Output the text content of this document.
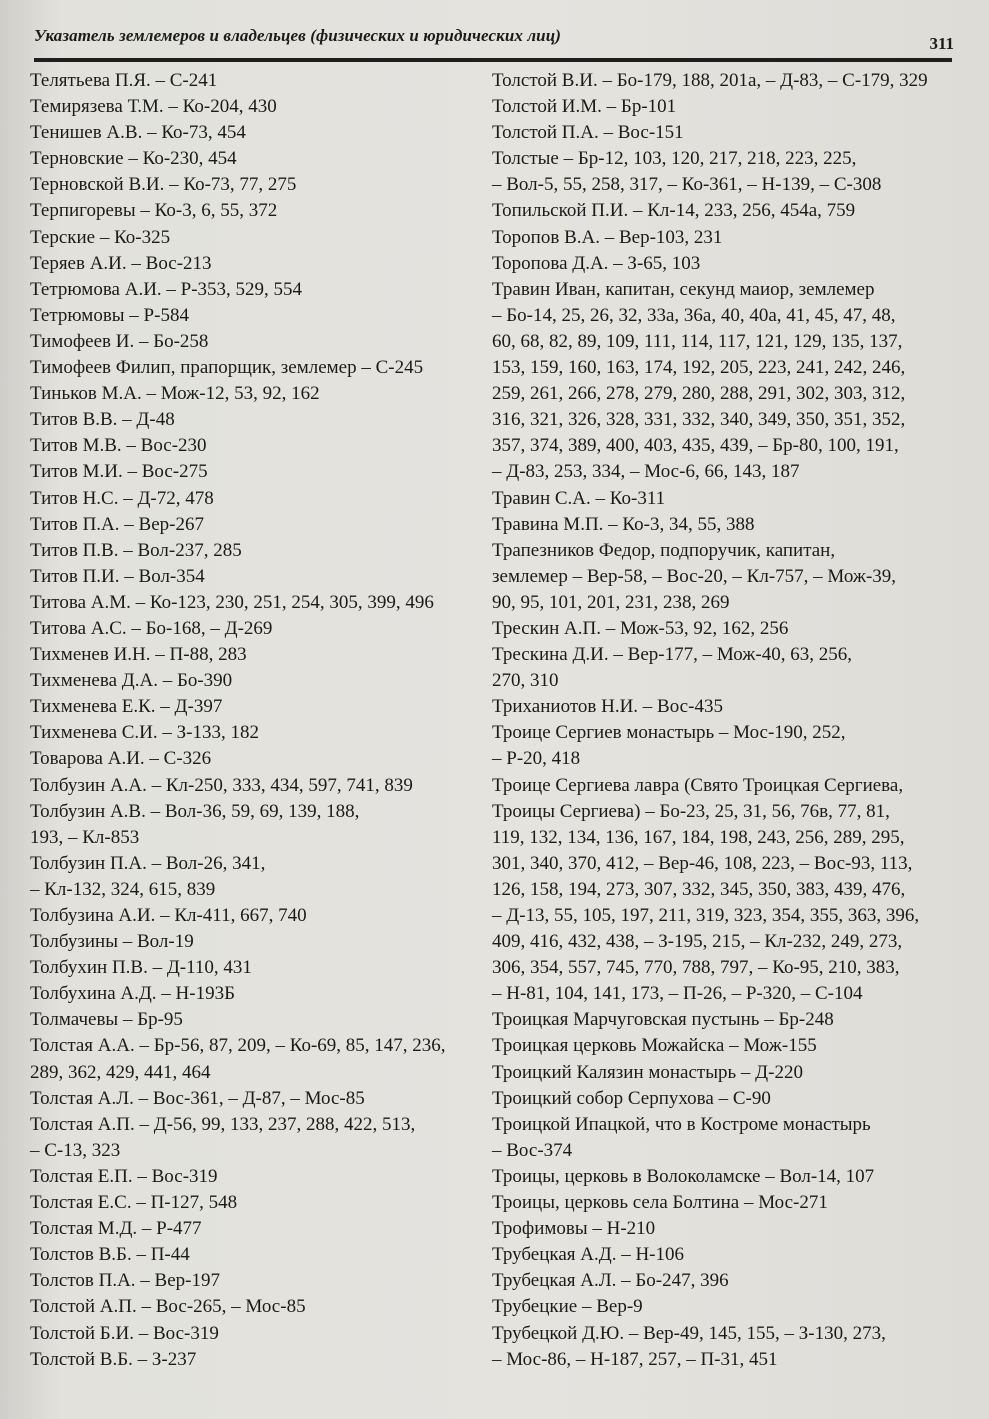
Указатель землемеров и владельцев (физических и юридических лиц)	311
Телятьева П.Я. – С-241
Темирязева Т.М. – Ко-204, 430
Тенишев А.В. – Ко-73, 454
Терновские – Ко-230, 454
Терновской В.И. – Ко-73, 77, 275
Терпигоревы – Ко-3, 6, 55, 372
Терские – Ко-325
Теряев А.И. – Вос-213
Тетрюмова А.И. – Р-353, 529, 554
Тетрюмовы – Р-584
Тимофеев И. – Бо-258
Тимофеев Филип, прапорщик, землемер – С-245
Тиньков М.А. – Мож-12, 53, 92, 162
Титов В.В. – Д-48
Титов М.В. – Вос-230
Титов М.И. – Вос-275
Титов Н.С. – Д-72, 478
Титов П.А. – Вер-267
Титов П.В. – Вол-237, 285
Титов П.И. – Вол-354
Титова А.М. – Ко-123, 230, 251, 254, 305, 399, 496
Титова А.С. – Бо-168, – Д-269
Тихменев И.Н. – П-88, 283
Тихменева Д.А. – Бо-390
Тихменева Е.К. – Д-397
Тихменева С.И. – З-133, 182
Товарова А.И. – С-326
Толбузин А.А. – Кл-250, 333, 434, 597, 741, 839
Толбузин А.В. – Вол-36, 59, 69, 139, 188,
193, – Кл-853
Толбузин П.А. – Вол-26, 341,
– Кл-132, 324, 615, 839
Толбузина А.И. – Кл-411, 667, 740
Толбузины – Вол-19
Толбухин П.В. – Д-110, 431
Толбухина А.Д. – Н-193Б
Толмачевы – Бр-95
Толстая А.А. – Бр-56, 87, 209, – Ко-69, 85, 147, 236,
289, 362, 429, 441, 464
Толстая А.Л. – Вос-361, – Д-87, – Мос-85
Толстая А.П. – Д-56, 99, 133, 237, 288, 422, 513,
– С-13, 323
Толстая Е.П. – Вос-319
Толстая Е.С. – П-127, 548
Толстая М.Д. – Р-477
Толстов В.Б. – П-44
Толстов П.А. – Вер-197
Толстой А.П. – Вос-265, – Мос-85
Толстой Б.И. – Вос-319
Толстой В.Б. – З-237
Толстой В.И. – Бо-179, 188, 201а, – Д-83, – С-179, 329
Толстой И.М. – Бр-101
Толстой П.А. – Вос-151
Толстые – Бр-12, 103, 120, 217, 218, 223, 225,
– Вол-5, 55, 258, 317, – Ко-361, – Н-139, – С-308
Топильской П.И. – Кл-14, 233, 256, 454а, 759
Торопов В.А. – Вер-103, 231
Торопова Д.А. – З-65, 103
Травин Иван, капитан, секунд маиор, землемер
– Бо-14, 25, 26, 32, 33а, 36а, 40, 40а, 41, 45, 47, 48,
60, 68, 82, 89, 109, 111, 114, 117, 121, 129, 135, 137,
153, 159, 160, 163, 174, 192, 205, 223, 241, 242, 246,
259, 261, 266, 278, 279, 280, 288, 291, 302, 303, 312,
316, 321, 326, 328, 331, 332, 340, 349, 350, 351, 352,
357, 374, 389, 400, 403, 435, 439, – Бр-80, 100, 191,
– Д-83, 253, 334, – Мос-6, 66, 143, 187
Травин С.А. – Ко-311
Травина М.П. – Ко-3, 34, 55, 388
Трапезников Федор, подпоручик, капитан,
землемер – Вер-58, – Вос-20, – Кл-757, – Мож-39,
90, 95, 101, 201, 231, 238, 269
Трескин А.П. – Мож-53, 92, 162, 256
Трескина Д.И. – Вер-177, – Мож-40, 63, 256,
270, 310
Триханиотов Н.И. – Вос-435
Троице Сергиев монастырь – Мос-190, 252,
– Р-20, 418
Троице Сергиева лавра (Свято Троицкая Сергиева,
Троицы Сергиева) – Бо-23, 25, 31, 56, 76в, 77, 81,
119, 132, 134, 136, 167, 184, 198, 243, 256, 289, 295,
301, 340, 370, 412, – Вер-46, 108, 223, – Вос-93, 113,
126, 158, 194, 273, 307, 332, 345, 350, 383, 439, 476,
– Д-13, 55, 105, 197, 211, 319, 323, 354, 355, 363, 396,
409, 416, 432, 438, – З-195, 215, – Кл-232, 249, 273,
306, 354, 557, 745, 770, 788, 797, – Ко-95, 210, 383,
– Н-81, 104, 141, 173, – П-26, – Р-320, – С-104
Троицкая Марчуговская пустынь – Бр-248
Троицкая церковь Можайска – Мож-155
Троицкий Калязин монастырь – Д-220
Троицкий собор Серпухова – С-90
Троицкой Ипацкой, что в Костроме монастырь
– Вос-374
Троицы, церковь в Волоколамске – Вол-14, 107
Троицы, церковь села Болтина – Мос-271
Трофимовы – Н-210
Трубецкая А.Д. – Н-106
Трубецкая А.Л. – Бо-247, 396
Трубецкие – Вер-9
Трубецкой Д.Ю. – Вер-49, 145, 155, – З-130, 273,
– Мос-86, – Н-187, 257, – П-31, 451
